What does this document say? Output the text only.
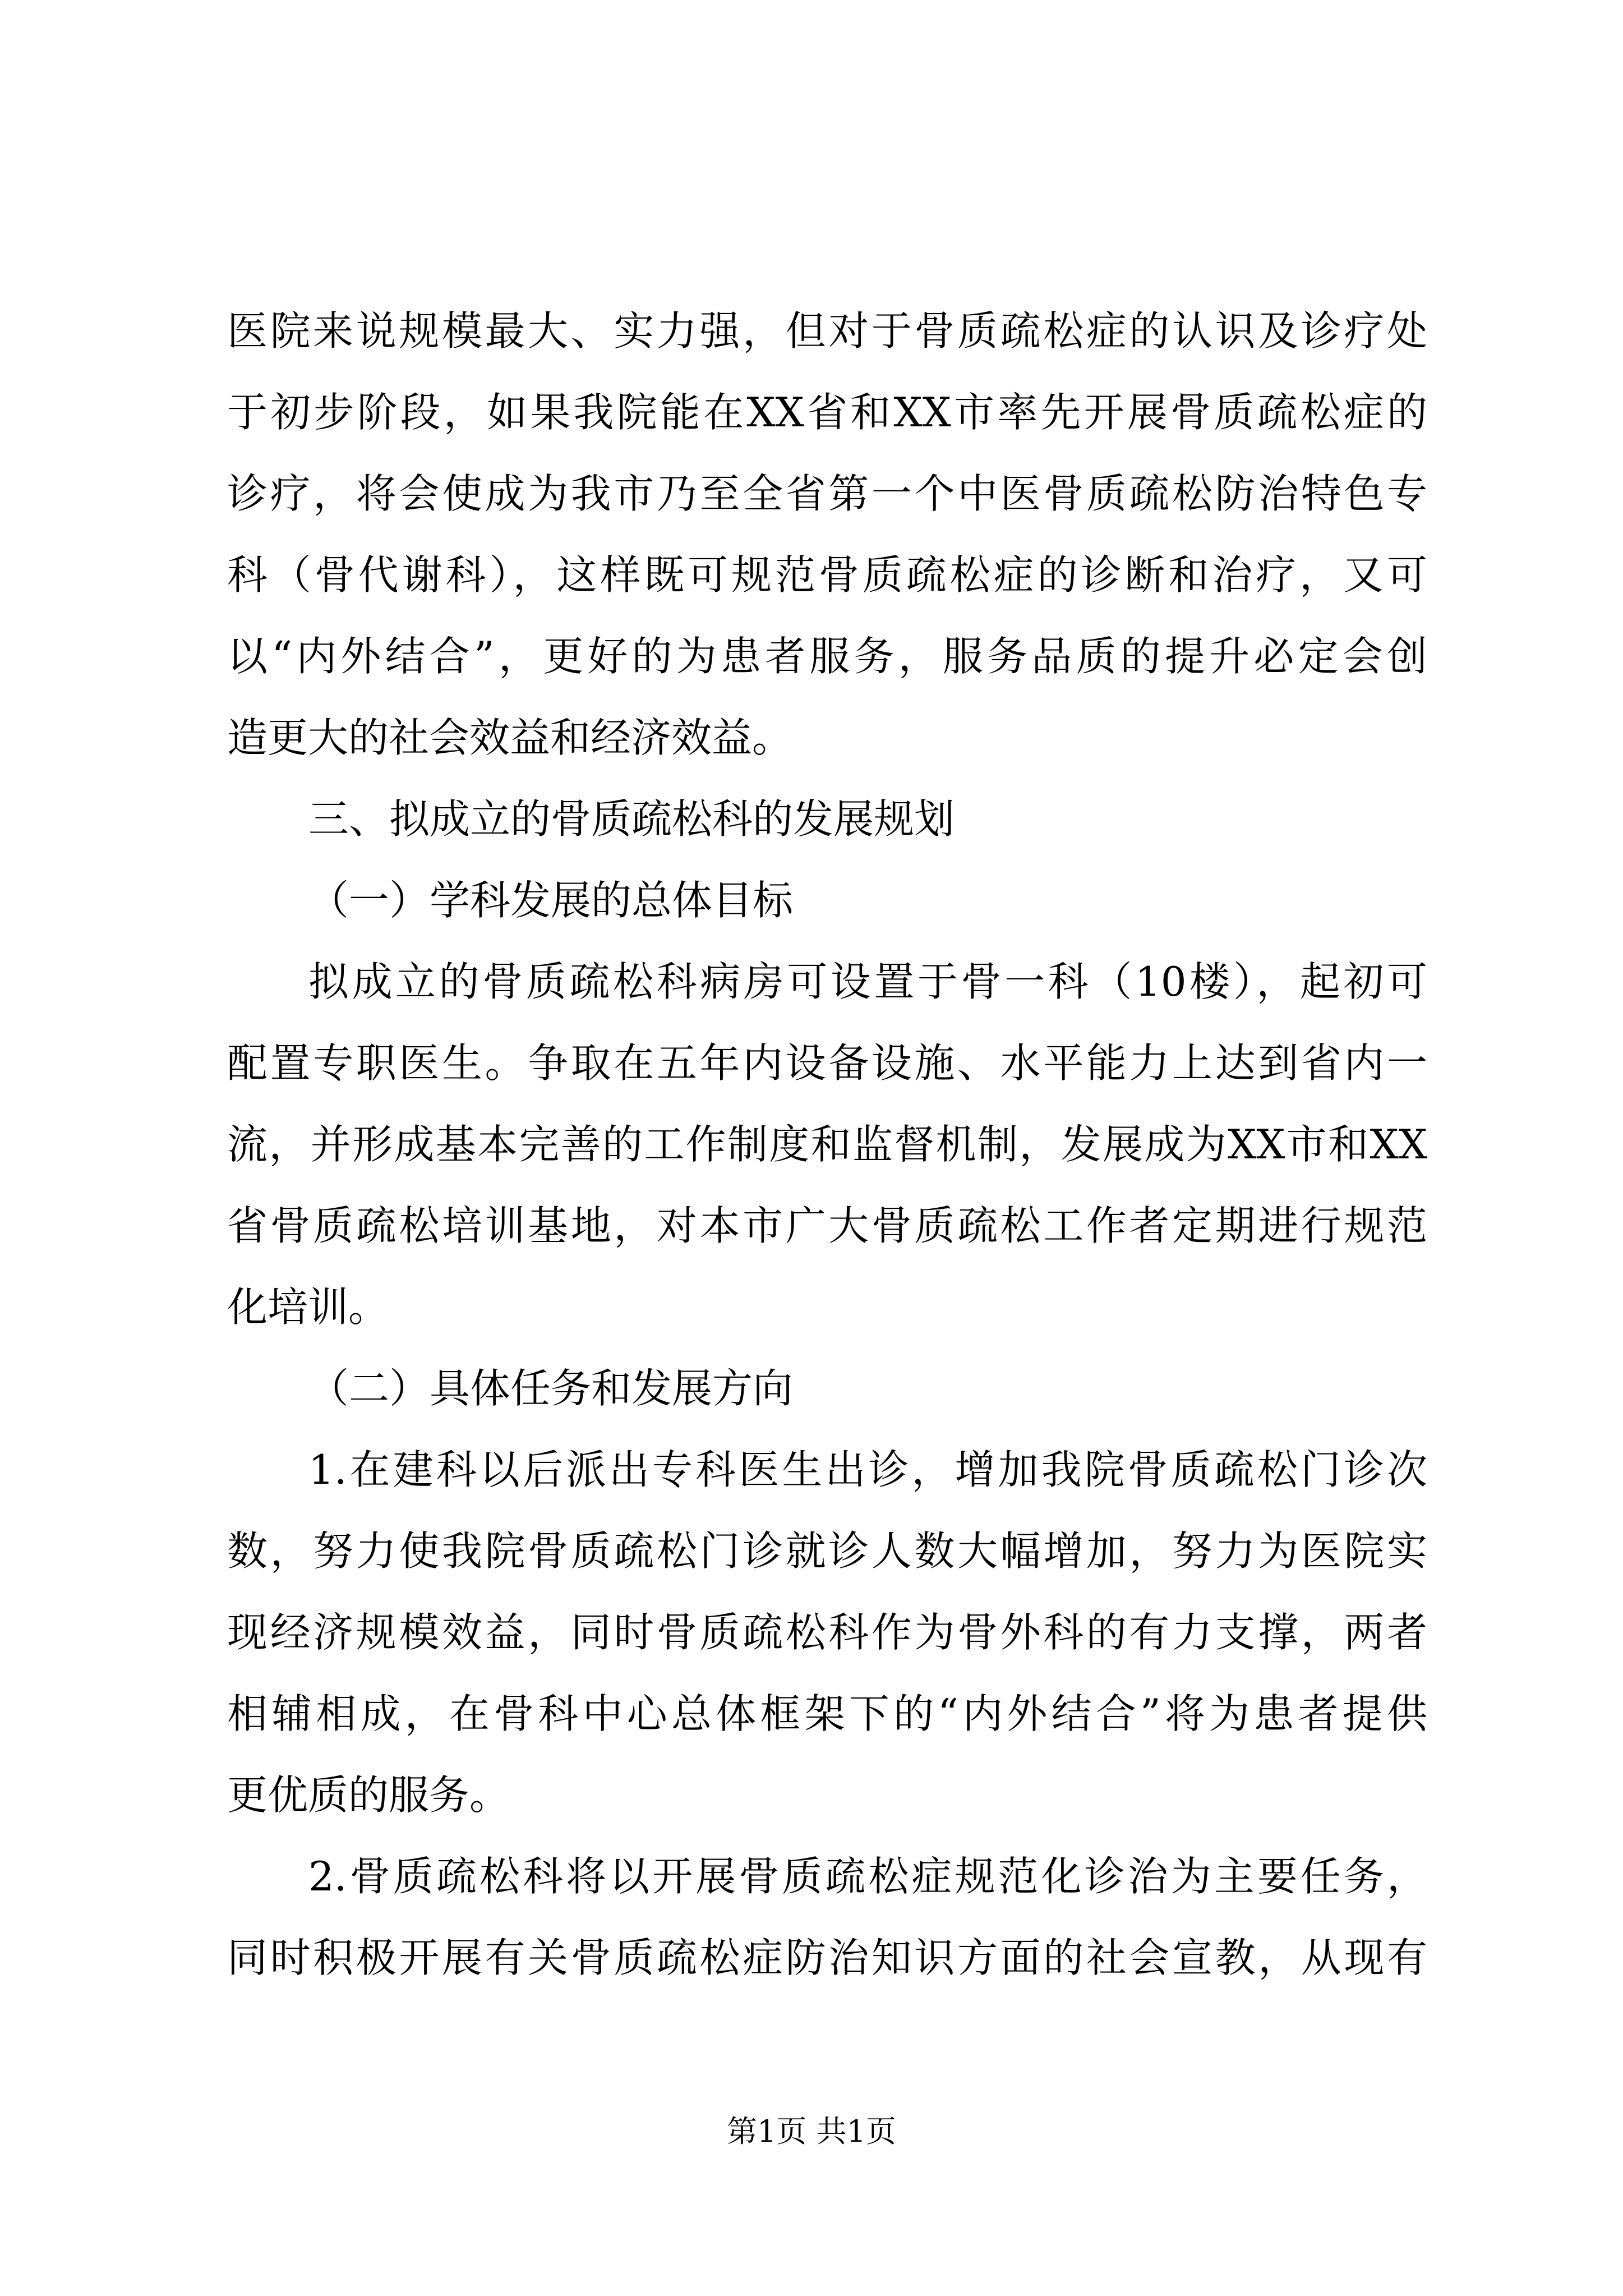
医院来说规模最大、实力强，但对于骨质疏松症的认识及诊疗处
于初步阶段，如果我院能在XX省和XX市率先开展骨质疏松症的
诊疗，将会使成为我市乃至全省第一个中医骨质疏松防治特色专
科（骨代谢科），这样既可规范骨质疏松症的诊断和治疗，又可
以“内外结合”，更好的为患者服务，服务品质的提升必定会创
造更大的社会效益和经济效益。
三、拟成立的骨质疏松科的发展规划
（一）学科发展的总体目标
拟成立的骨质疏松科病房可设置于骨一科（10楼），起初可
配置专职医生。争取在五年内设备设施、水平能力上达到省内一
流，并形成基本完善的工作制度和监督机制，发展成为XX市和XX
省骨质疏松培训基地，对本市广大骨质疏松工作者定期进行规范
化培训。
（二）具体任务和发展方向
1.在建科以后派出专科医生出诊，增加我院骨质疏松门诊次
数，努力使我院骨质疏松门诊就诊人数大幅增加，努力为医院实
现经济规模效益，同时骨质疏松科作为骨外科的有力支撑，两者
相辅相成，在骨科中心总体框架下的“内外结合”将为患者提供
更优质的服务。
2.骨质疏松科将以开展骨质疏松症规范化诊治为主要任务，
同时积极开展有关骨质疏松症防治知识方面的社会宣教，从现有
第1页 共1页
